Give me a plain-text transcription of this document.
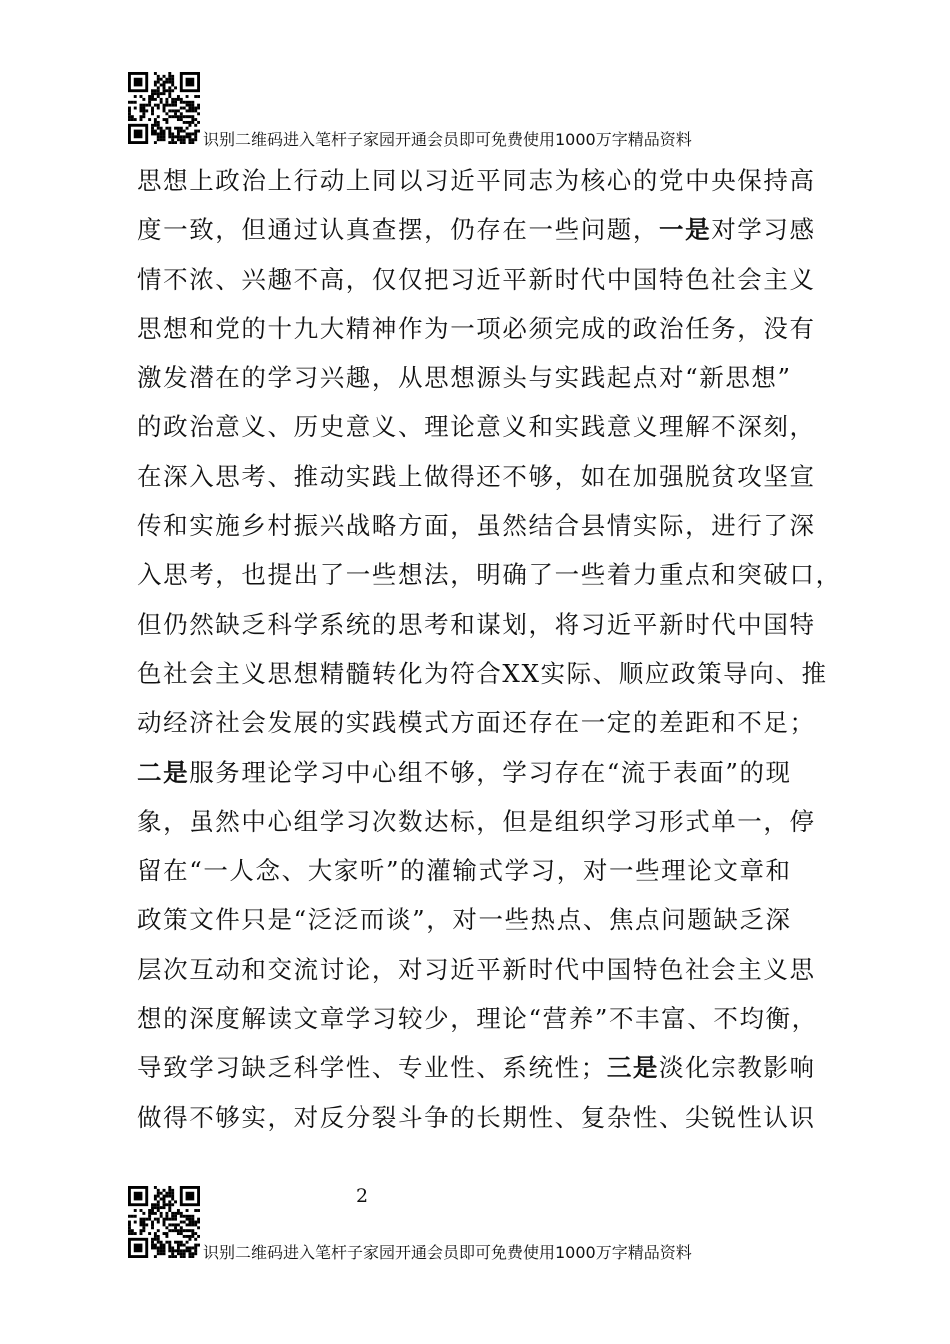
识别二维码进入笔杆子家园开通会员即可免费使用1000万字精品资料
思想上政治上行动上同以习近平同志为核心的党中央保持高
度一致，但通过认真查摆，仍存在一些问题，一是对学习感
情不浓、兴趣不高，仅仅把习近平新时代中国特色社会主义
思想和党的十九大精神作为一项必须完成的政治任务，没有
激发潜在的学习兴趣，从思想源头与实践起点对“新思想”
的政治意义、历史意义、理论意义和实践意义理解不深刻，
在深入思考、推动实践上做得还不够，如在加强脱贫攻坚宣
传和实施乡村振兴战略方面，虽然结合县情实际，进行了深
入思考，也提出了一些想法，明确了一些着力重点和突破口，
但仍然缺乏科学系统的思考和谋划，将习近平新时代中国特
色社会主义思想精髓转化为符合XX实际、顺应政策导向、推
动经济社会发展的实践模式方面还存在一定的差距和不足；
二是服务理论学习中心组不够，学习存在“流于表面”的现
象，虽然中心组学习次数达标，但是组织学习形式单一，停
留在“一人念、大家听”的灌输式学习，对一些理论文章和
政策文件只是“泛泛而谈”，对一些热点、焦点问题缺乏深
层次互动和交流讨论，对习近平新时代中国特色社会主义思
想的深度解读文章学习较少，理论“营养”不丰富、不均衡，
导致学习缺乏科学性、专业性、系统性；三是淡化宗教影响
做得不够实，对反分裂斗争的长期性、复杂性、尖锐性认识
2
识别二维码进入笔杆子家园开通会员即可免费使用1000万字精品资料
